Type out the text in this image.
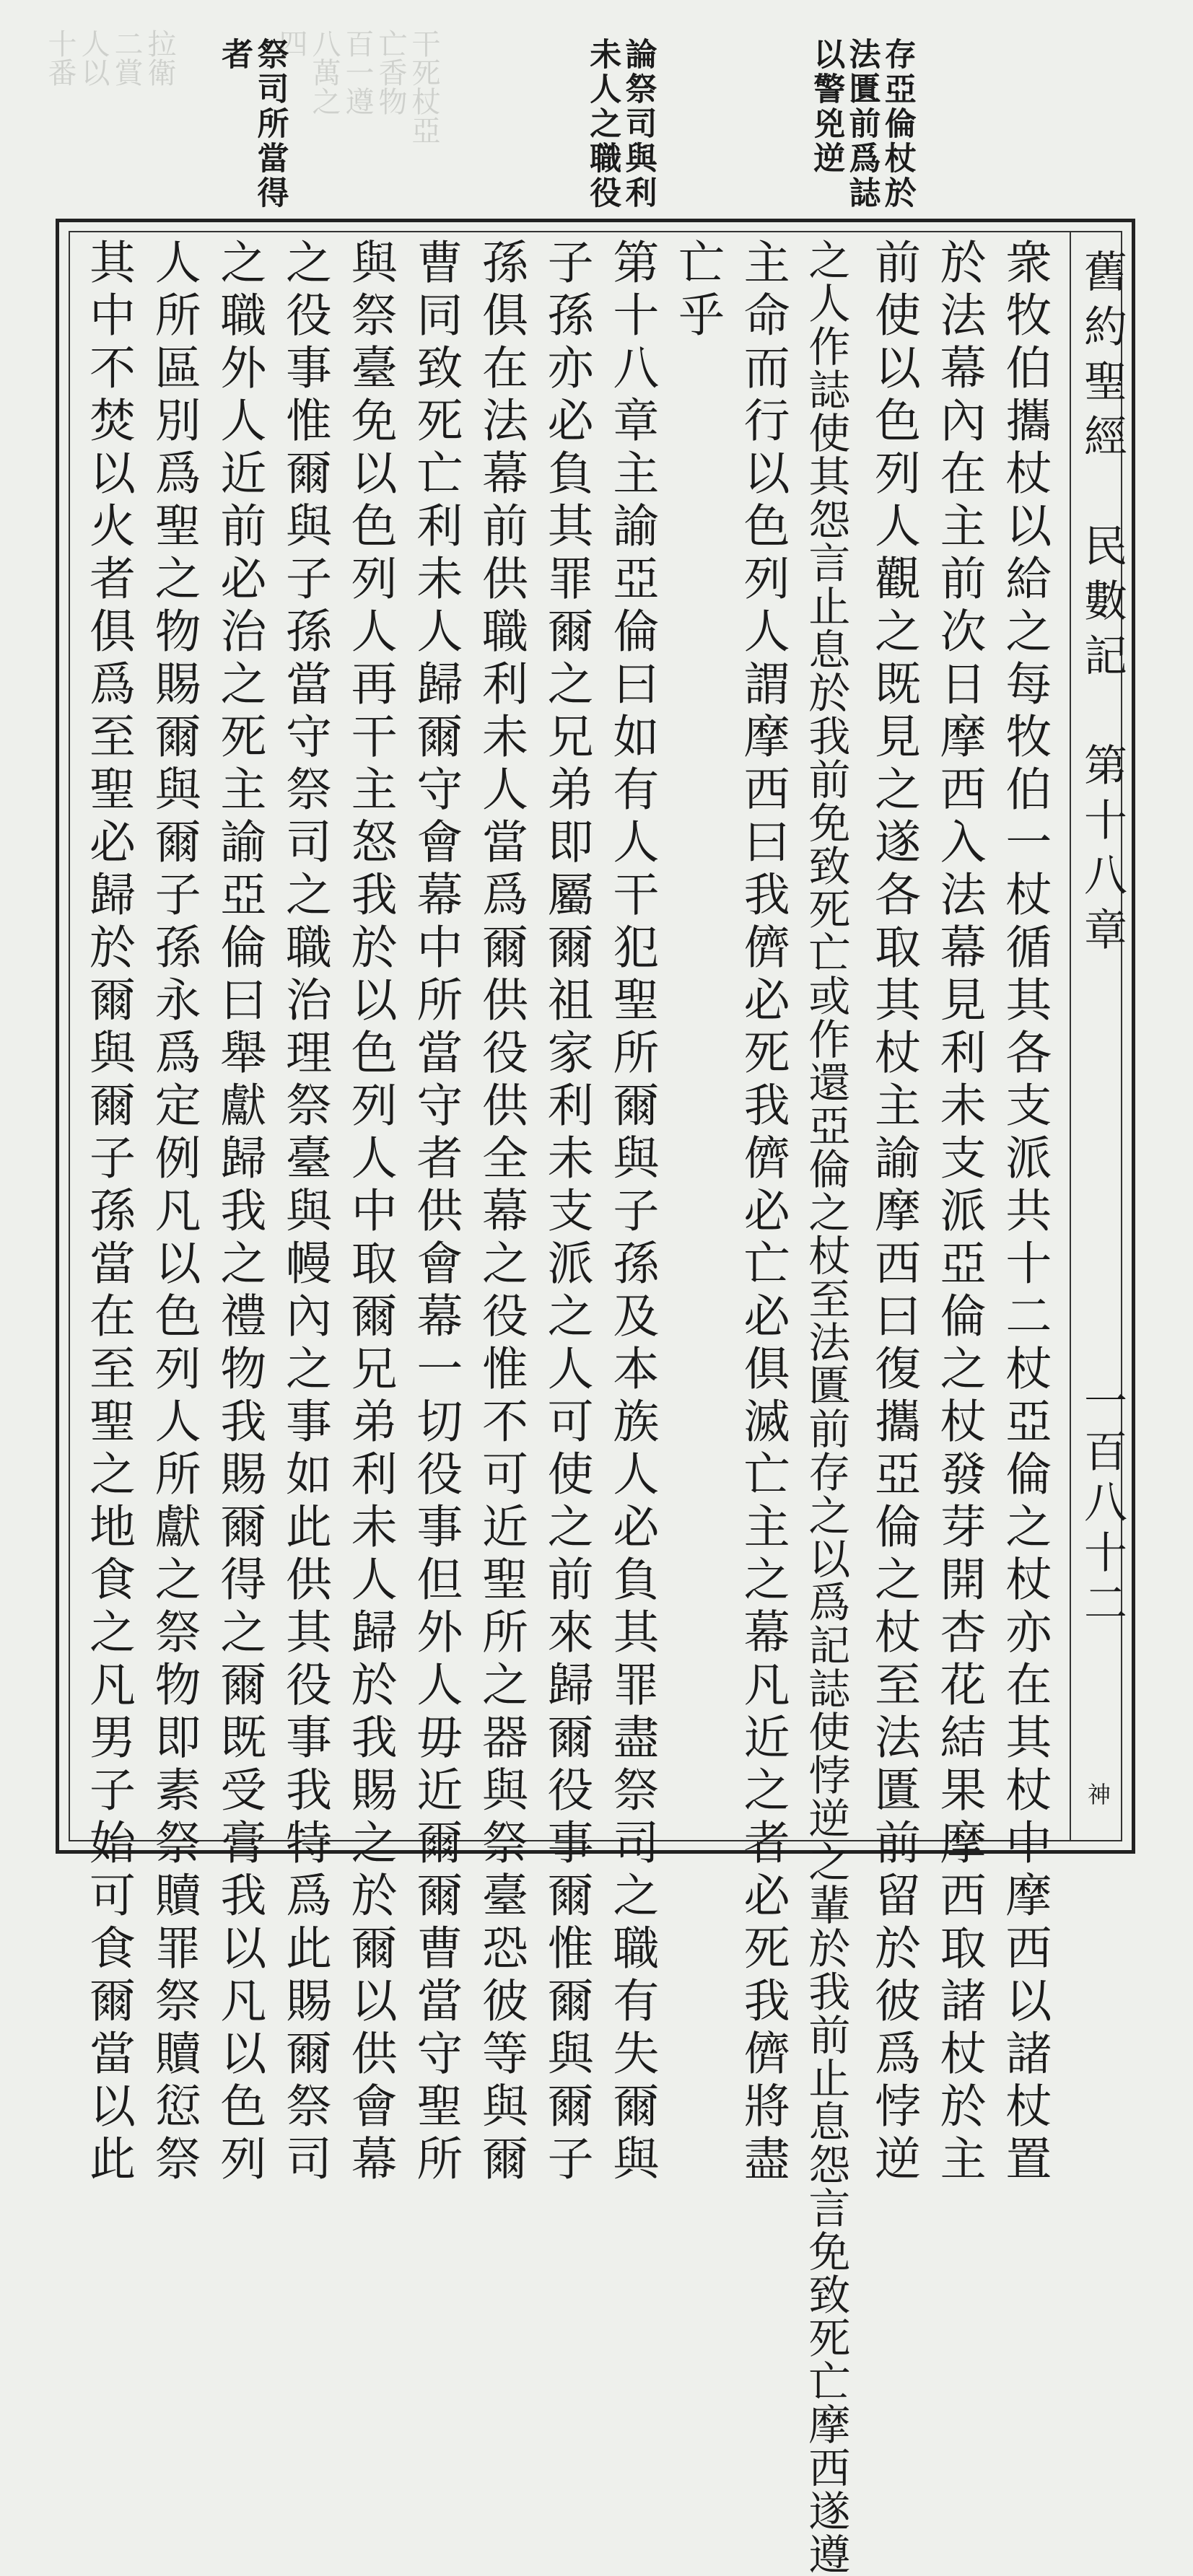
干死杖亞
亡香物
百一遵
八萬之
四
拉衛
二賞
人以
十番	存亞倫杖於
法匱前爲誌
以警兇逆
論祭司與利
未人之職役
祭司所當得
者
舊約聖經　民數記　第十八章
一百八十二
神
衆牧伯攜杖以給之每牧伯一杖循其各支派共十二杖亞倫之杖亦在其杖中摩西以諸杖置
於法幕內在主前次日摩西入法幕見利未支派亞倫之杖發芽開杏花結果摩西取諸杖於主
前使以色列人觀之既見之遂各取其杖主諭摩西曰復攜亞倫之杖至法匱前留於彼爲悖逆
之人作誌使其怨言止息於我前免致死亡或作還亞倫之杖至法匱前存之以爲記誌使悖逆之輩於我前止息怨言免致死亡摩西遂遵
主命而行以色列人謂摩西曰我儕必死我儕必亡必俱滅亡主之幕凡近之者必死我儕將盡
亡乎
第十八章主諭亞倫曰如有人干犯聖所爾與子孫及本族人必負其罪盡祭司之職有失爾與
子孫亦必負其罪爾之兄弟即屬爾祖家利未支派之人可使之前來歸爾役事爾惟爾與爾子
孫俱在法幕前供職利未人當爲爾供役供全幕之役惟不可近聖所之器與祭臺恐彼等與爾
曹同致死亡利未人歸爾守會幕中所當守者供會幕一切役事但外人毋近爾爾曹當守聖所
與祭臺免以色列人再干主怒我於以色列人中取爾兄弟利未人歸於我賜之於爾以供會幕
之役事惟爾與子孫當守祭司之職治理祭臺與幔內之事如此供其役事我特爲此賜爾祭司
之職外人近前必治之死主諭亞倫曰舉獻歸我之禮物我賜爾得之爾既受膏我以凡以色列
人所區別爲聖之物賜爾與爾子孫永爲定例凡以色列人所獻之祭物即素祭贖罪祭贖愆祭
其中不焚以火者俱爲至聖必歸於爾與爾子孫當在至聖之地食之凡男子始可食爾當以此
